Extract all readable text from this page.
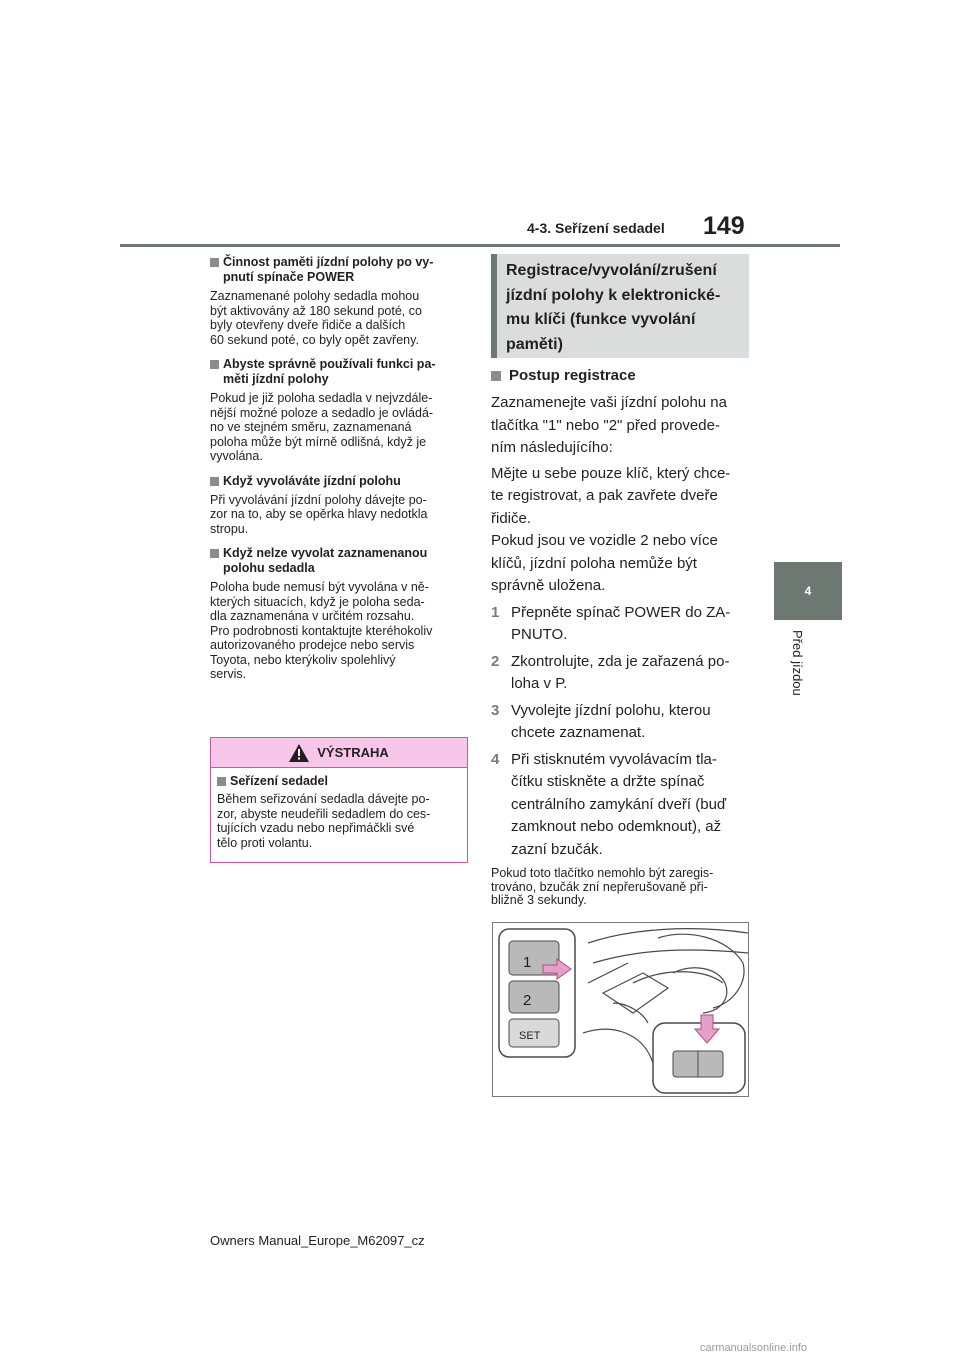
4-3. Seřízení sedadel 149
4
Před jízdou
Činnost paměti jízdní polohy po vy-
pnutí spínače POWER
Zaznamenané polohy sedadla mohou
být aktivovány až 180 sekund poté, co
byly otevřeny dveře řidiče a dalších
60 sekund poté, co byly opět zavřeny.
Abyste správně používali funkci pa-
měti jízdní polohy
Pokud je již poloha sedadla v nejvzdále-
nější možné poloze a sedadlo je ovládá-
no ve stejném směru, zaznamenaná
poloha může být mírně odlišná, když je
vyvolána.
Když vyvoláváte jízdní polohu
Při vyvolávání jízdní polohy dávejte po-
zor na to, aby se opěrka hlavy nedotkla
stropu.
Když nelze vyvolat zaznamenanou
polohu sedadla
Poloha bude nemusí být vyvolána v ně-
kterých situacích, když je poloha seda-
dla zaznamenána v určitém rozsahu.
Pro podrobnosti kontaktujte kteréhokoliv
autorizovaného prodejce nebo servis
Toyota, nebo kterýkoliv spolehlivý
servis.
VÝSTRAHA
Seřízení sedadel
Během seřizování sedadla dávejte po-
zor, abyste neudeřili sedadlem do ces-
tujících vzadu nebo nepřimáčkli své
tělo proti volantu.
Registrace/vyvolání/zrušení
jízdní polohy k elektronické-
mu klíči (funkce vyvolání
paměti)
Postup registrace
Zaznamenejte vaši jízdní polohu na
tlačítka "1" nebo "2" před provede-
ním následujícího:
Mějte u sebe pouze klíč, který chce-
te registrovat, a pak zavřete dveře
řidiče.
Pokud jsou ve vozidle 2 nebo více
klíčů, jízdní poloha nemůže být
správně uložena.
1 Přepněte spínač POWER do ZA-
PNUTO.
2 Zkontrolujte, zda je zařazená po-
loha v P.
3 Vyvolejte jízdní polohu, kterou
chcete zaznamenat.
4 Při stisknutém vyvolávacím tla-
čítku stiskněte a držte spínač
centrálního zamykání dveří (buď
zamknout nebo odemknout), až
zazní bzučák.
Pokud toto tlačítko nemohlo být zaregis-
trováno, bzučák zní nepřerušovaně při-
bližně 3 sekundy.
1
2
SET
Owners Manual_Europe_M62097_cz
carmanualsonline.info
